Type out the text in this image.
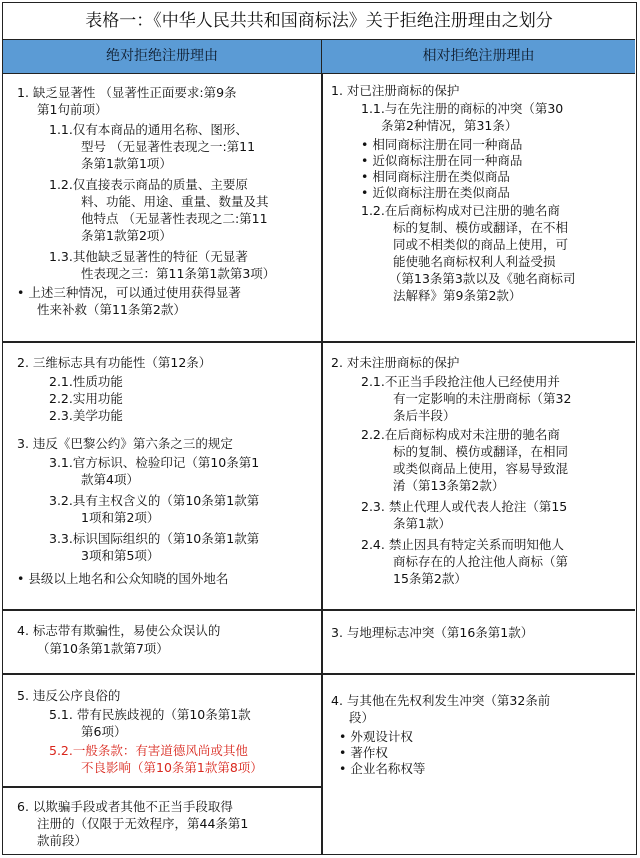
表格一：《中华人民共共和国商标法》关于拒绝注册理由之划分
绝对拒绝注册理由	相对拒绝注册理由
1. 缺乏显著性 （显著性正面要求:第9条
第1句前项）
1.1.仅有本商品的通用名称、图形、
型号 （无显著性表现之一:第11
条第1款第1项）
1.2.仅直接表示商品的质量、主要原
料、功能、用途、重量、数量及其
他特点 （无显著性表现之二:第11
条第1款第2项）
1.3.其他缺乏显著性的特征（无显著
性表现之三：第11条第1款第3项）
• 上述三种情况，可以通过使用获得显著
性来补救（第11条第2款）
2. 三维标志具有功能性（第12条）
2.1.性质功能
2.2.实用功能
2.3.美学功能
3. 违反《巴黎公约》第六条之三的规定
3.1.官方标识、检验印记（第10条第1
款第4项）
3.2.具有主权含义的（第10条第1款第
1项和第2项）
3.3.标识国际组织的（第10条第1款第
3项和第5项）
• 县级以上地名和公众知晓的国外地名
4. 标志带有欺骗性，易使公众误认的
（第10条第1款第7项）
5. 违反公序良俗的
5.1. 带有民族歧视的（第10条第1款
第6项）
5.2.一般条款：有害道德风尚或其他
不良影响（第10条第1款第8项）
6. 以欺骗手段或者其他不正当手段取得
注册的（仅限于无效程序，第44条第1
款前段）
1. 对已注册商标的保护
1.1.与在先注册的商标的冲突（第30
条第2种情况，第31条）
• 相同商标注册在同一种商品
• 近似商标注册在同一种商品
• 相同商标注册在类似商品
• 近似商标注册在类似商品
1.2.在后商标构成对已注册的驰名商
标的复制、模仿或翻译，在不相
同或不相类似的商品上使用，可
能使驰名商标权利人利益受损
（第13条第3款以及《驰名商标司
法解释》第9条第2款）
2. 对未注册商标的保护
2.1.不正当手段抢注他人已经使用并
有一定影响的未注册商标（第32
条后半段）
2.2.在后商标构成对未注册的驰名商
标的复制、模仿或翻译，在相同
或类似商品上使用，容易导致混
淆（第13条第2款）
2.3. 禁止代理人或代表人抢注（第15
条第1款）
2.4. 禁止因具有特定关系而明知他人
商标存在的人抢注他人商标（第
15条第2款）
3. 与地理标志冲突（第16条第1款）
4. 与其他在先权利发生冲突（第32条前
段）
• 外观设计权
• 著作权
• 企业名称权等
